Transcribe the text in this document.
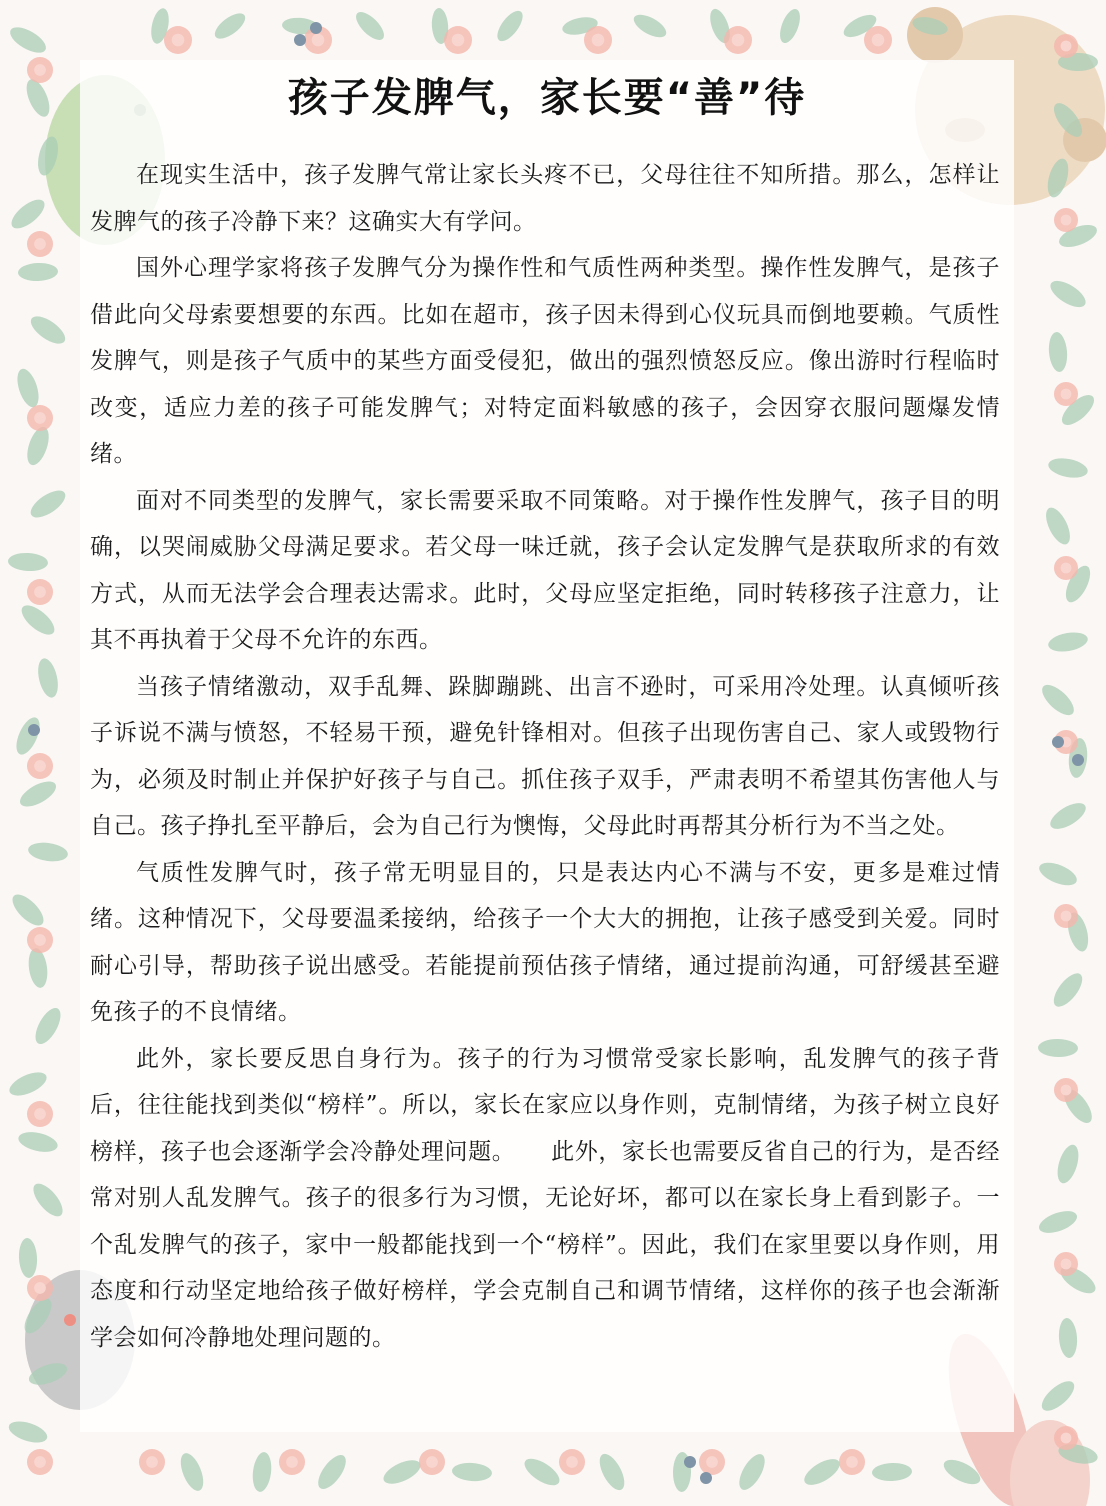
孩子发脾气，家长要“善”待

在现实生活中，孩子发脾气常让家长头疼不已，父母往往不知所措。那么，怎样让发脾气的孩子冷静下来？这确实大有学问。

国外心理学家将孩子发脾气分为操作性和气质性两种类型。操作性发脾气，是孩子借此向父母索要想要的东西。比如在超市，孩子因未得到心仪玩具而倒地要赖。气质性发脾气，则是孩子气质中的某些方面受侵犯，做出的强烈愤怒反应。像出游时行程临时改变，适应力差的孩子可能发脾气；对特定面料敏感的孩子，会因穿衣服问题爆发情绪。

面对不同类型的发脾气，家长需要采取不同策略。对于操作性发脾气，孩子目的明确，以哭闹威胁父母满足要求。若父母一味迁就，孩子会认定发脾气是获取所求的有效方式，从而无法学会合理表达需求。此时，父母应坚定拒绝，同时转移孩子注意力，让其不再执着于父母不允许的东西。

当孩子情绪激动，双手乱舞、跺脚蹦跳、出言不逊时，可采用冷处理。认真倾听孩子诉说不满与愤怒，不轻易干预，避免针锋相对。但孩子出现伤害自己、家人或毁物行为，必须及时制止并保护好孩子与自己。抓住孩子双手，严肃表明不希望其伤害他人与自己。孩子挣扎至平静后，会为自己行为懊悔，父母此时再帮其分析行为不当之处。

气质性发脾气时，孩子常无明显目的，只是表达内心不满与不安，更多是难过情绪。这种情况下，父母要温柔接纳，给孩子一个大大的拥抱，让孩子感受到关爱。同时耐心引导，帮助孩子说出感受。若能提前预估孩子情绪，通过提前沟通，可舒缓甚至避免孩子的不良情绪。

此外，家长要反思自身行为。孩子的行为习惯常受家长影响，乱发脾气的孩子背后，往往能找到类似“榜样”。所以，家长在家应以身作则，克制情绪，为孩子树立良好榜样，孩子也会逐渐学会冷静处理问题。　　此外，家长也需要反省自己的行为，是否经常对别人乱发脾气。孩子的很多行为习惯，无论好坏，都可以在家长身上看到影子。一个乱发脾气的孩子，家中一般都能找到一个“榜样”。因此，我们在家里要以身作则，用态度和行动坚定地给孩子做好榜样，学会克制自己和调节情绪，这样你的孩子也会渐渐学会如何冷静地处理问题的。
